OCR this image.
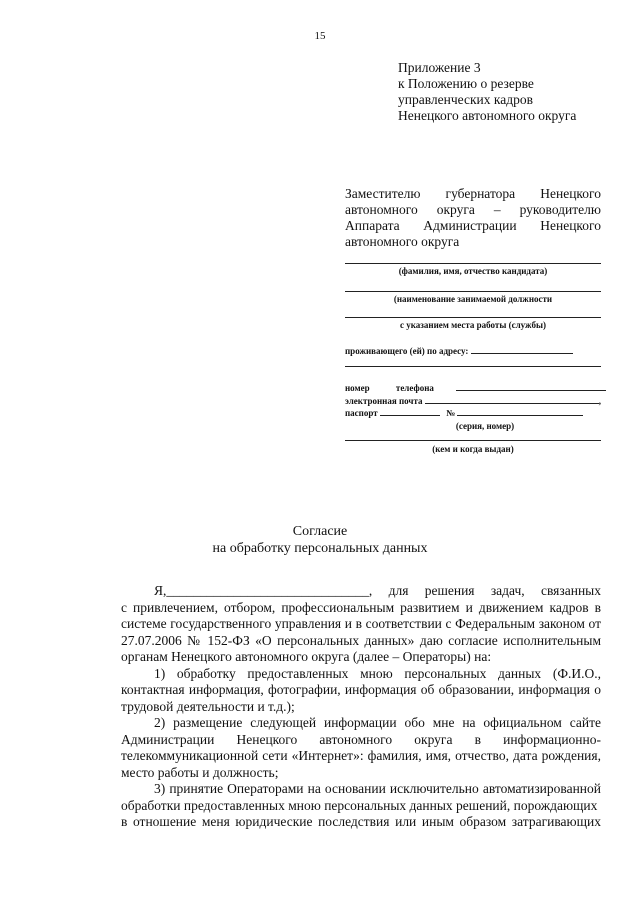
15
Приложение 3
к Положению о резерве
управленческих кадров
Ненецкого автономного округа
Заместителю губернатора Ненецкого
автономного округа – руководителю
Аппарата Администрации Ненецкого
автономного округа
(фамилия, имя, отчество кандидата)
(наименование занимаемой должности
с указанием места работы (службы)
проживающего (ей) по адресу:
номер телефона
электронная почта	,
паспорт	№
(серия, номер)
(кем и когда выдан)
Согласие
на обработку персональных данных
Я,______________________________, для решения задач, связанных
с привлечением, отбором, профессиональным развитием и движением кадров в системе государственного управления и в соответствии с Федеральным законом от 27.07.2006 № 152-ФЗ «О персональных данных» даю согласие исполнительным органам Ненецкого автономного округа (далее – Операторы) на:
1) обработку предоставленных мною персональных данных (Ф.И.О., контактная информация, фотографии, информация об образовании, информация о трудовой деятельности и т.д.);
2) размещение следующей информации обо мне на официальном сайте Администрации Ненецкого автономного округа в информационно-телекоммуникационной сети «Интернет»: фамилия, имя, отчество, дата рождения, место работы и должность;
3) принятие Операторами на основании исключительно автоматизированной обработки предоставленных мною персональных данных решений, порождающих
в отношение меня юридические последствия или иным образом затрагивающих
